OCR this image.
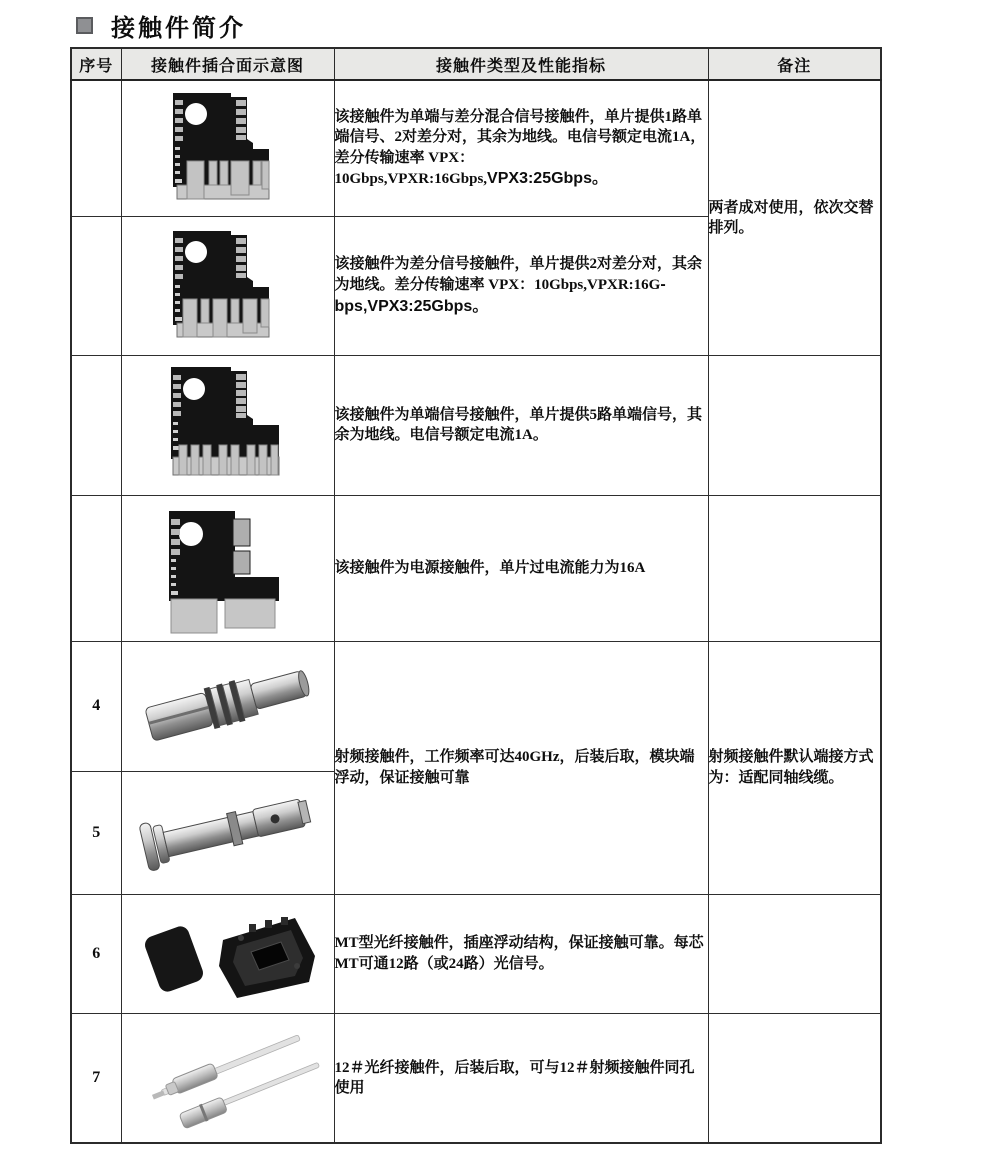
接触件简介
序号	接触件插合面示意图	接触件类型及性能指标	备注
		该接触件为单端与差分混合信号接触件，单片提供1路单端信号、2对差分对，其余为地线。电信号额定电流1A，差分传输速率 VPX：10Gbps,VPXR:16Gbps,VPX3:25Gbps。	两者成对使用，依次交替排列。
		该接触件为差分信号接触件，单片提供2对差分对，其余为地线。差分传输速率 VPX：10Gbps,VPXR:16G-bps,VPX3:25Gbps。	
		该接触件为单端信号接触件，单片提供5路单端信号，其余为地线。电信号额定电流1A。	
		该接触件为电源接触件，单片过电流能力为16A	
4		射频接触件，工作频率可达40GHz，后装后取，模块端浮动，保证接触可靠	射频接触件默认端接方式为：适配同轴线缆。
5	
6		MT型光纤接触件，插座浮动结构，保证接触可靠。每芯MT可通12路（或24路）光信号。	
7		12＃光纤接触件，后装后取，可与12＃射频接触件同孔使用	
